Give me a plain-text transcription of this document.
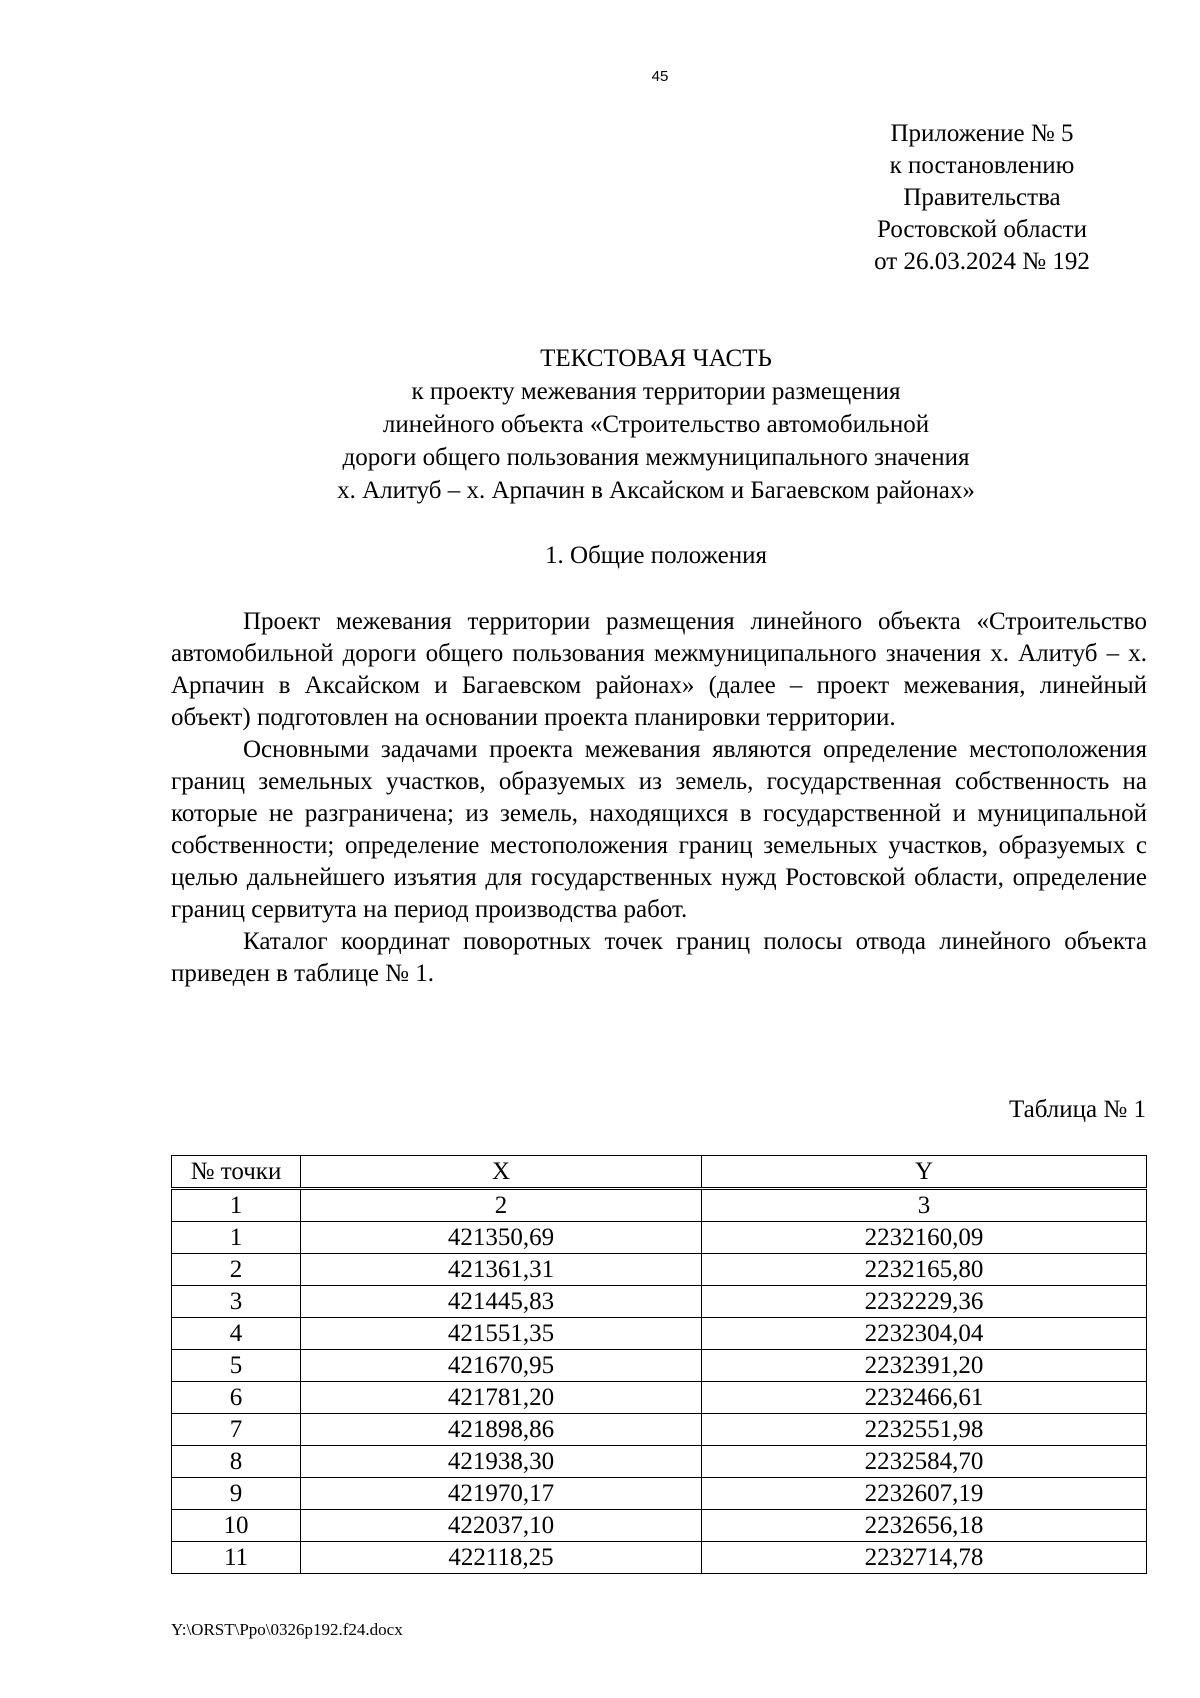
45
Приложение № 5
к постановлению
Правительства
Ростовской области
от 26.03.2024 № 192
ТЕКСТОВАЯ ЧАСТЬ
к проекту межевания территории размещения
линейного объекта «Строительство автомобильной
дороги общего пользования межмуниципального значения
х. Алитуб – х. Арпачин в Аксайском и Багаевском районах»
1. Общие положения

Проект межевания территории размещения линейного объекта «Строительство автомобильной дороги общего пользования межмуниципального значения х. Алитуб – х. Арпачин в Аксайском и Багаевском районах» (далее – проект межевания, линейный объект) подготовлен на основании проекта планировки территории.

Основными задачами проекта межевания являются определение местоположения границ земельных участков, образуемых из земель, государственная собственность на которые не разграничена; из земель, находящихся в государственной и муниципальной собственности; определение местоположения границ земельных участков, образуемых с целью дальнейшего изъятия для государственных нужд Ростовской области, определение границ сервитута на период производства работ.

Каталог координат поворотных точек границ полосы отвода линейного объекта приведен в таблице № 1.

Таблица № 1
№ точки	X	Y
1	2	3
1	421350,69	2232160,09
2	421361,31	2232165,80
3	421445,83	2232229,36
4	421551,35	2232304,04
5	421670,95	2232391,20
6	421781,20	2232466,61
7	421898,86	2232551,98
8	421938,30	2232584,70
9	421970,17	2232607,19
10	422037,10	2232656,18
11	422118,25	2232714,78
Y:\ORST\Ppo\0326p192.f24.docx
